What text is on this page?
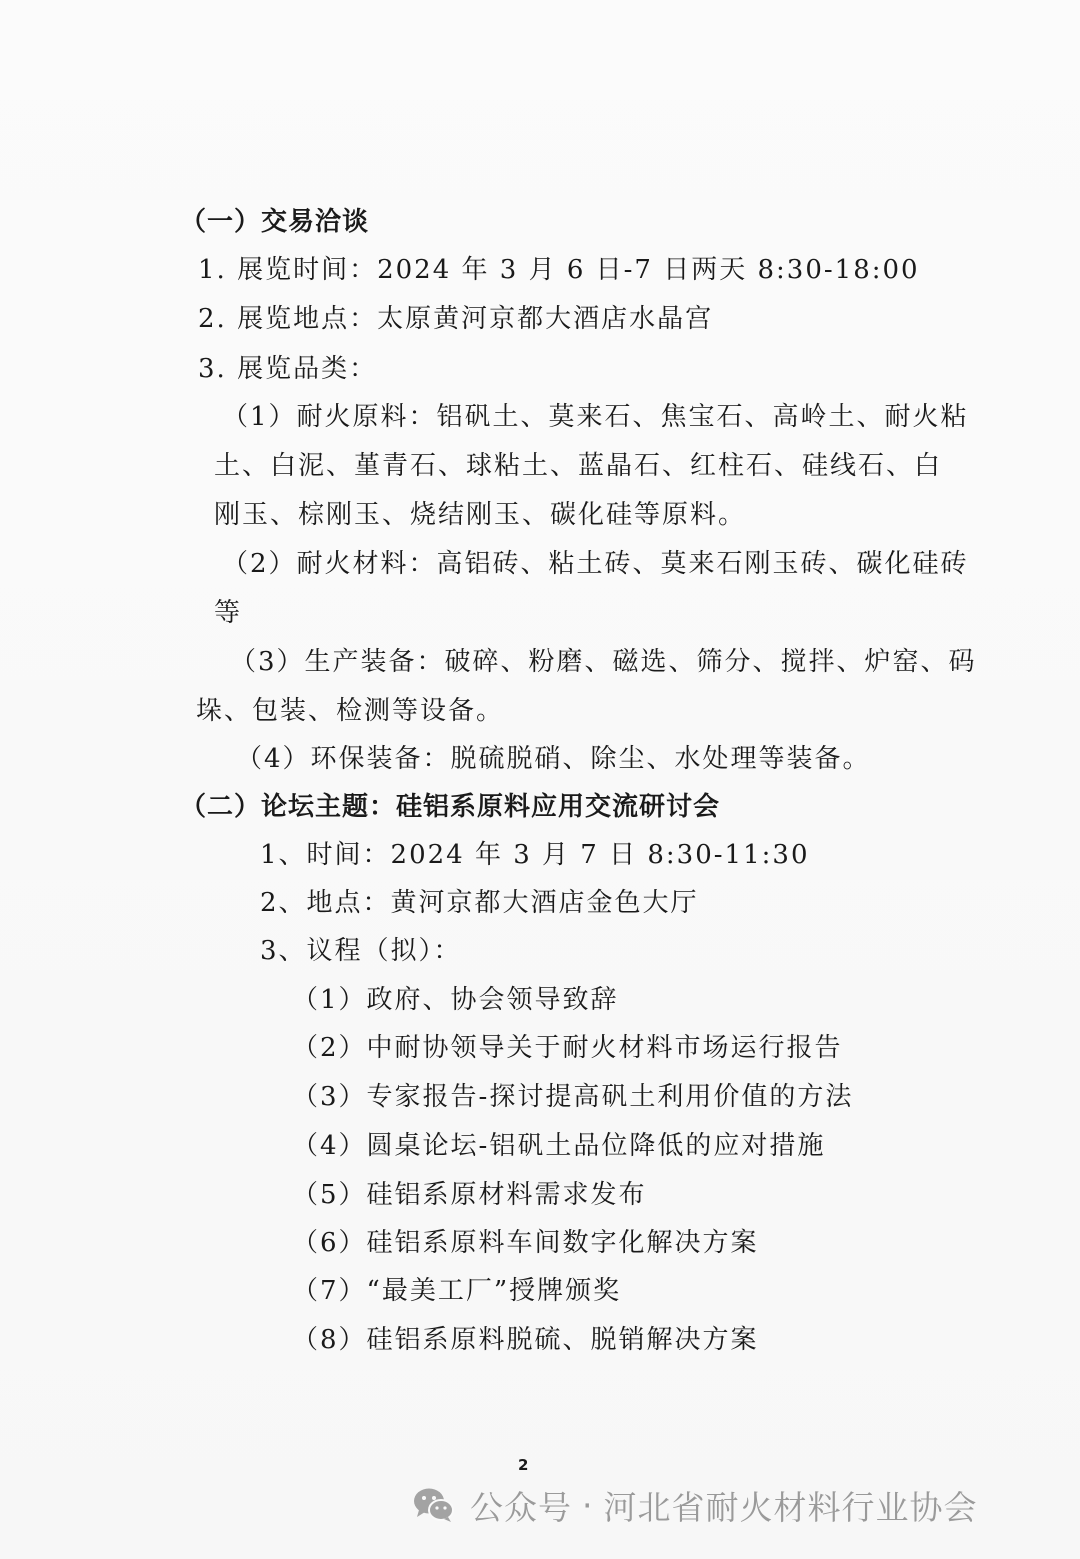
（一）交易洽谈
1. 展览时间：2024 年 3 月 6 日-7 日两天 8:30-18:00
2. 展览地点：太原黄河京都大酒店水晶宫
3. 展览品类：
（1）耐火原料：铝矾土、莫来石、焦宝石、高岭土、耐火粘
土、白泥、堇青石、球粘土、蓝晶石、红柱石、硅线石、白
刚玉、棕刚玉、烧结刚玉、碳化硅等原料。
（2）耐火材料：高铝砖、粘土砖、莫来石刚玉砖、碳化硅砖
等
（3）生产装备：破碎、粉磨、磁选、筛分、搅拌、炉窑、码
垛、包装、检测等设备。
（4）环保装备：脱硫脱硝、除尘、水处理等装备。
（二）论坛主题：硅铝系原料应用交流研讨会
1、时间：2024 年 3 月 7 日 8:30-11:30
2、地点：黄河京都大酒店金色大厅
3、议程（拟）：
（1）政府、协会领导致辞
（2）中耐协领导关于耐火材料市场运行报告
（3）专家报告-探讨提高矾土利用价值的方法
（4）圆桌论坛-铝矾土品位降低的应对措施
（5）硅铝系原材料需求发布
（6）硅铝系原料车间数字化解决方案
（7）“最美工厂”授牌颁奖
（8）硅铝系原料脱硫、脱销解决方案
2
公众号 · 河北省耐火材料行业协会
